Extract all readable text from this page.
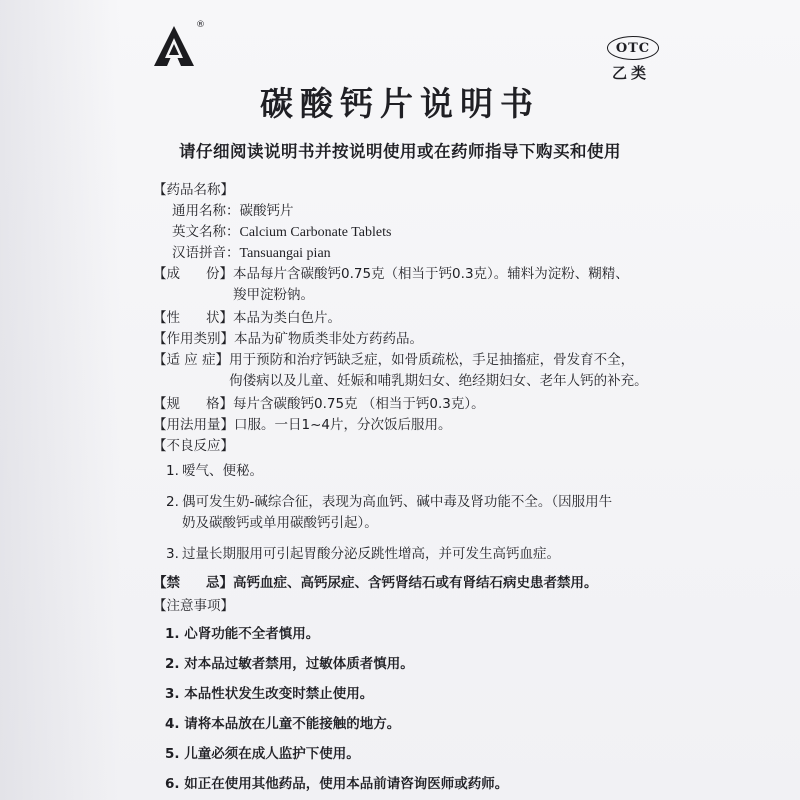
®
OTC
乙类
碳酸钙片说明书
请仔细阅读说明书并按说明使用或在药师指导下购买和使用
【药品名称】
通用名称： 碳酸钙片
英文名称： Calcium Carbonate Tablets
汉语拼音： Tansuangai pian
【成 份】 本品每片含碳酸钙0.75克（相当于钙0.3克）。辅料为淀粉、糊精、
羧甲淀粉钠。
【性 状】 本品为类白色片。
【作用类别】 本品为矿物质类非处方药药品。
【适 应 症】 用于预防和治疗钙缺乏症，如骨质疏松，手足抽搐症，骨发育不全，
佝偻病以及儿童、妊娠和哺乳期妇女、绝经期妇女、老年人钙的补充。
【规 格】 每片含碳酸钙0.75克 （相当于钙0.3克）。
【用法用量】 口服。一日1~4片，分次饭后服用。
【不良反应】
1. 嗳气、便秘。
2. 偶可发生奶-碱综合征，表现为高血钙、碱中毒及肾功能不全。（因服用牛
奶及碳酸钙或单用碳酸钙引起）。
3. 过量长期服用可引起胃酸分泌反跳性增高，并可发生高钙血症。
【禁 忌】 高钙血症、高钙尿症、含钙肾结石或有肾结石病史患者禁用。
【注意事项】
1. 心肾功能不全者慎用。
2. 对本品过敏者禁用，过敏体质者慎用。
3. 本品性状发生改变时禁止使用。
4. 请将本品放在儿童不能接触的地方。
5. 儿童必须在成人监护下使用。
6. 如正在使用其他药品，使用本品前请咨询医师或药师。
